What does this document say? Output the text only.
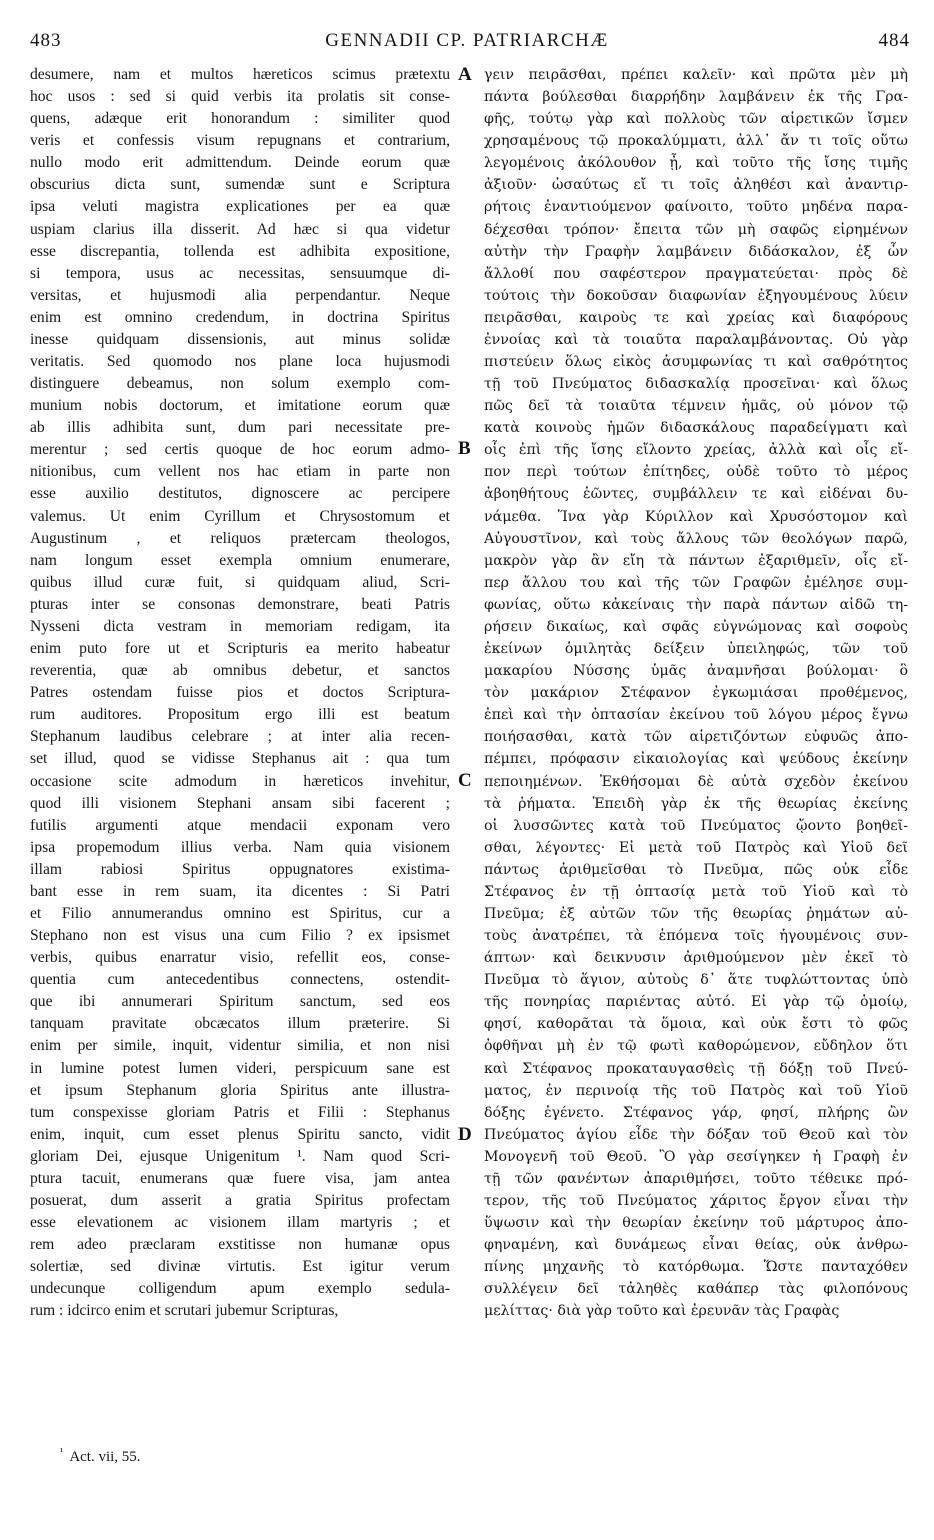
483	GENNADII CP. PATRIARCHÆ	484
desumere, nam et multos hæreticos scimus prætextu
hoc usos : sed si quid verbis ita prolatis sit conse-
quens, adæque erit honorandum : similiter quod
veris et confessis visum repugnans et contrarium,
nullo modo erit admittendum. Deinde eorum quæ
obscurius dicta sunt, sumendæ sunt e Scriptura
ipsa veluti magistra explicationes per ea quæ
uspiam clarius illa disserit. Ad hæc si qua videtur
esse discrepantia, tollenda est adhibita expositione,
si tempora, usus ac necessitas, sensuumque di-
versitas, et hujusmodi alia perpendantur. Neque
enim est omnino credendum, in doctrina Spiritus
inesse quidquam dissensionis, aut minus solidæ
veritatis. Sed quomodo nos plane loca hujusmodi
distinguere debeamus, non solum exemplo com-
munium nobis doctorum, et imitatione eorum quæ
ab illis adhibita sunt, dum pari necessitate pre-
merentur ; sed certis quoque de hoc eorum admo-
nitionibus, cum vellent nos hac etiam in parte non
esse auxilio destitutos, dignoscere ac percipere
valemus. Ut enim Cyrillum et Chrysostomum et
Augustinum , et reliquos prætercam theologos,
nam longum esset exempla omnium enumerare,
quibus illud curæ fuit, si quidquam aliud, Scri-
pturas inter se consonas demonstrare, beati Patris
Nysseni dicta vestram in memoriam redigam, ita
enim puto fore ut et Scripturis ea merito habeatur
reverentia, quæ ab omnibus debetur, et sanctos
Patres ostendam fuisse pios et doctos Scriptura-
rum auditores. Propositum ergo illi est beatum
Stephanum laudibus celebrare ; at inter alia recen-
set illud, quod se vidisse Stephanus ait : qua tum
occasione scite admodum in hæreticos invehitur,
quod illi visionem Stephani ansam sibi facerent ;
futilis argumenti atque mendacii exponam vero
ipsa propemodum illius verba. Nam quia visionem
illam rabiosi Spiritus oppugnatores existima-
bant esse in rem suam, ita dicentes : Si Patri
et Filio annumerandus omnino est Spiritus, cur a
Stephano non est visus una cum Filio ? ex ipsismet
verbis, quibus enarratur visio, refellit eos, conse-
quentia cum antecedentibus connectens, ostendit-
que ibi annumerari Spiritum sanctum, sed eos
tanquam pravitate obcæcatos illum præterire. Si
enim per simile, inquit, videntur similia, et non nisi
in lumine potest lumen videri, perspicuum sane est
et ipsum Stephanum gloria Spiritus ante illustra-
tum conspexisse gloriam Patris et Filii : Stephanus
enim, inquit, cum esset plenus Spiritu sancto, vidit
gloriam Dei, ejusque Unigenitum ¹. Nam quod Scri-
ptura tacuit, enumerans quæ fuere visa, jam antea
posuerat, dum asserit a gratia Spiritus profectam
esse elevationem ac visionem illam martyris ; et
rem adeo præclaram exstitisse non humanæ opus
solertiæ, sed divinæ virtutis. Est igitur verum
undecunque colligendum apum exemplo sedula-
rum : idcirco enim et scrutari jubemur Scripturas,
A
B
C
D
γειν πειρᾶσθαι, πρέπει καλεῖν· καὶ πρῶτα μὲν μὴ
πάντα βούλεσθαι διαρρήδην λαμβάνειν ἐκ τῆς Γρα-
φῆς, τούτῳ γὰρ καὶ πολλοὺς τῶν αἱρετικῶν ἴσμεν
χρησαμένους τῷ προκαλύμματι, ἀλλ᾽ ἄν τι τοῖς οὕτω
λεγομένοις ἀκόλουθον ᾖ, καὶ τοῦτο τῆς ἴσης τιμῆς
ἀξιοῦν· ὡσαύτως εἴ τι τοῖς ἀληθέσι καὶ ἀναντιρ-
ρήτοις ἐναντιούμενον φαίνοιτο, τοῦτο μηδένα παρα-
δέχεσθαι τρόπον· ἔπειτα τῶν μὴ σαφῶς εἰρημένων
αὐτὴν τὴν Γραφὴν λαμβάνειν διδάσκαλον, ἐξ ὧν
ἄλλοθί που σαφέστερον πραγματεύεται· πρὸς δὲ
τούτοις τὴν δοκοῦσαν διαφωνίαν ἐξηγουμένους λύειν
πειρᾶσθαι, καιροὺς τε καὶ χρείας καὶ διαφόρους
ἐννοίας καὶ τὰ τοιαῦτα παραλαμβάνοντας. Οὐ γὰρ
πιστεύειν ὅλως εἰκὸς ἀσυμφωνίας τι καὶ σαθρότητος
τῇ τοῦ Πνεύματος διδασκαλίᾳ προσεῖναι· καὶ ὅλως
πῶς δεῖ τὰ τοιαῦτα τέμνειν ἡμᾶς, οὐ μόνον τῷ
κατὰ κοινοὺς ἡμῶν διδασκάλους παραδείγματι καὶ
οἷς ἐπὶ τῆς ἴσης εἴλοντο χρείας, ἀλλὰ καὶ οἷς εἴ-
πον περὶ τούτων ἐπίτηδες, οὐδὲ τοῦτο τὸ μέρος
ἀβοηθήτους ἐῶντες, συμβάλλειν τε καὶ εἰδέναι δυ-
νάμεθα. Ἵνα γὰρ Κύριλλον καὶ Χρυσόστομον καὶ
Αὐγουστῖνον, καὶ τοὺς ἄλλους τῶν θεολόγων παρῶ,
μακρὸν γὰρ ἂν εἴη τὰ πάντων ἐξαριθμεῖν, οἷς εἴ-
περ ἄλλου του καὶ τῆς τῶν Γραφῶν ἐμέλησε συμ-
φωνίας, οὕτω κἀκείναις τὴν παρὰ πάντων αἰδῶ τη-
ρήσειν δικαίως, καὶ σφᾶς εὐγνώμονας καὶ σοφοὺς
ἐκείνων ὁμιλητὰς δείξειν ὑπειληφώς, τῶν τοῦ
μακαρίου Νύσσης ὑμᾶς ἀναμνῆσαι βούλομαι· ὃ
τὸν μακάριον Στέφανον ἐγκωμιάσαι προθέμενος,
ἐπεὶ καὶ τὴν ὀπτασίαν ἐκείνου τοῦ λόγου μέρος ἔγνω
ποιήσασθαι, κατὰ τῶν αἱρετιζόντων εὐφυῶς ἀπο-
πέμπει, πρόφασιν εἰκαιολογίας καὶ ψεύδους ἐκείνην
πεποιημένων. Ἐκθήσομαι δὲ αὐτὰ σχεδὸν ἐκείνου
τὰ ῥήματα. Ἐπειδὴ γὰρ ἐκ τῆς θεωρίας ἐκείνης
οἱ λυσσῶντες κατὰ τοῦ Πνεύματος ᾤοντο βοηθεῖ-
σθαι, λέγοντες· Εἰ μετὰ τοῦ Πατρὸς καὶ Υἱοῦ δεῖ
πάντως ἀριθμεῖσθαι τὸ Πνεῦμα, πῶς οὐκ εἶδε
Στέφανος ἐν τῇ ὀπτασίᾳ μετὰ τοῦ Υἱοῦ καὶ τὸ
Πνεῦμα; ἐξ αὐτῶν τῶν τῆς θεωρίας ῥημάτων αὐ-
τοὺς ἀνατρέπει, τὰ ἑπόμενα τοῖς ἡγουμένοις συν-
άπτων· καὶ δεικνυσιν ἀριθμούμενον μὲν ἐκεῖ τὸ
Πνεῦμα τὸ ἅγιον, αὐτοὺς δ᾽ ἅτε τυφλώττοντας ὑπὸ
τῆς πονηρίας παριέντας αὐτό. Εἰ γὰρ τῷ ὁμοίῳ,
φησί, καθορᾶται τὰ ὅμοια, καὶ οὐκ ἔστι τὸ φῶς
ὀφθῆναι μὴ ἐν τῷ φωτὶ καθορώμενον, εὔδηλον ὅτι
καὶ Στέφανος προκαταυγασθεὶς τῇ δόξῃ τοῦ Πνεύ-
ματος, ἐν περινοίᾳ τῆς τοῦ Πατρὸς καὶ τοῦ Υἱοῦ
δόξης ἐγένετο. Στέφανος γάρ, φησί, πλήρης ὢν
Πνεύματος ἁγίου εἶδε τὴν δόξαν τοῦ Θεοῦ καὶ τὸν
Μονογενῆ τοῦ Θεοῦ. Ὃ γὰρ σεσίγηκεν ἡ Γραφὴ ἐν
τῇ τῶν φανέντων ἀπαριθμήσει, τοῦτο τέθεικε πρό-
τερον, τῆς τοῦ Πνεύματος χάριτος ἔργον εἶναι τὴν
ὕψωσιν καὶ τὴν θεωρίαν ἐκείνην τοῦ μάρτυρος ἀπο-
φηναμένη, καὶ δυνάμεως εἶναι θείας, οὐκ ἀνθρω-
πίνης μηχανῆς τὸ κατόρθωμα. Ὥστε πανταχόθεν
συλλέγειν δεῖ τἀληθὲς καθάπερ τὰς φιλοπόνους
μελίττας· διὰ γὰρ τοῦτο καὶ ἐρευνᾶν τὰς Γραφὰς
$^{^1}$ Act. vii, 55.
